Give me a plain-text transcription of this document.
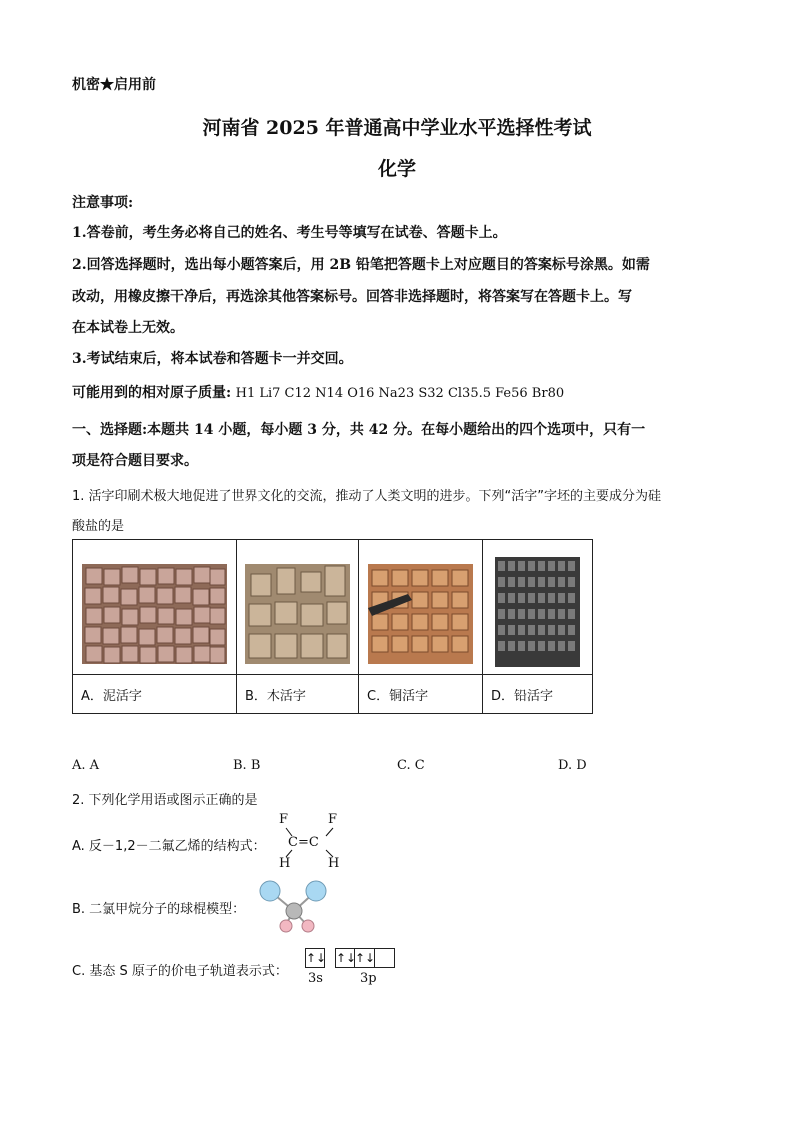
机密★启用前
河南省 2025 年普通高中学业水平选择性考试
化学
注意事项:
1.答卷前，考生务必将自己的姓名、考生号等填写在试卷、答题卡上。
2.回答选择题时，选出每小题答案后，用 2B 铅笔把答题卡上对应题目的答案标号涂黑。如需
改动，用橡皮擦干净后，再选涂其他答案标号。回答非选择题时，将答案写在答题卡上。写
在本试卷上无效。
3.考试结束后，将本试卷和答题卡一并交回。
可能用到的相对原子质量: H1 Li7 C12 N14 O16 Na23 S32 Cl35.5 Fe56 Br80
一、选择题:本题共 14 小题，每小题 3 分，共 42 分。在每小题给出的四个选项中，只有一
项是符合题目要求。
1. 活字印刷术极大地促进了世界文化的交流，推动了人类文明的进步。下列“活字”字坯的主要成分为硅
酸盐的是

A．泥活字	B．木活字	C．铜活字	D．铅活字
A. A	B. B	C. C	D. D
2. 下列化学用语或图示正确的是
A. 反－1,2－二氟乙烯的结构式：
F	F
C=C
H	H
B. 二氯甲烷分子的球棍模型：
C. 基态 S 原子的价电子轨道表示式：
↑↓ ↑↓
↑↓
3s	3p
